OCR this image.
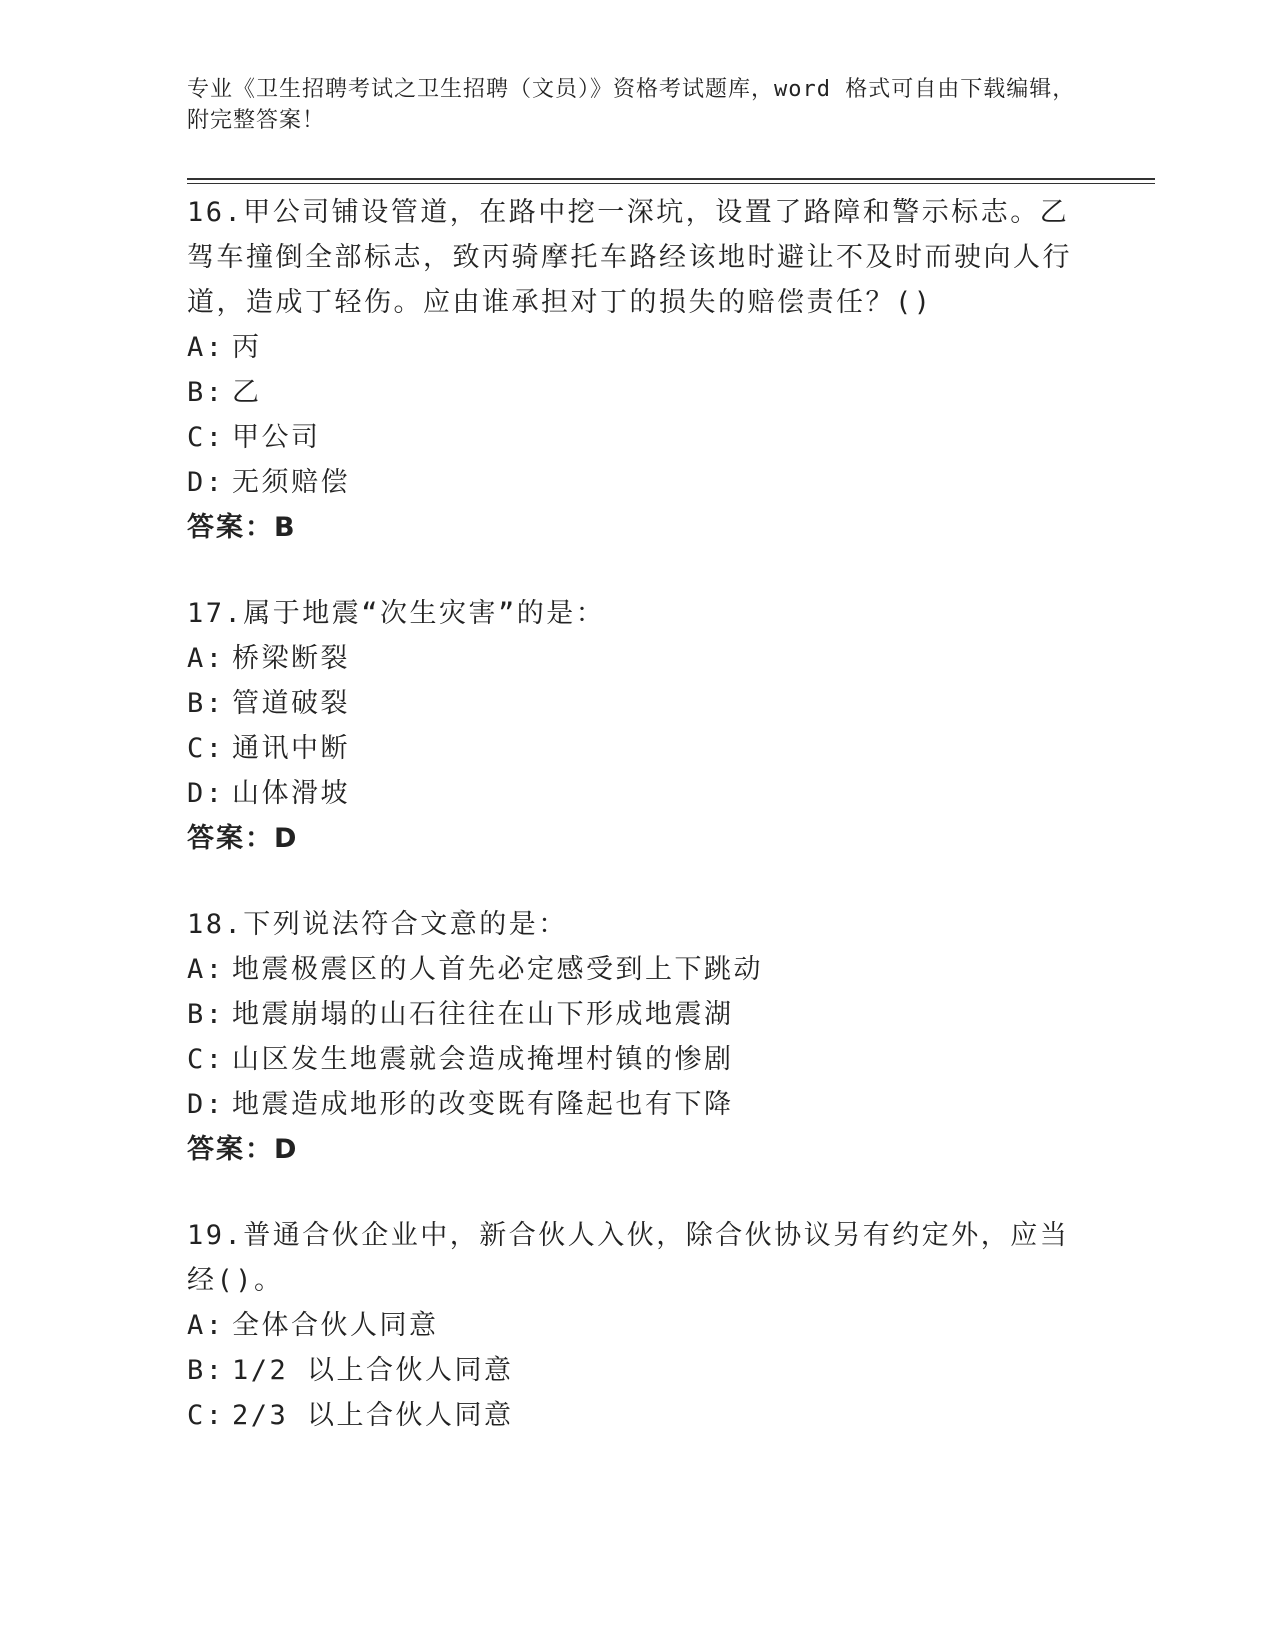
专业《卫生招聘考试之卫生招聘（文员）》资格考试题库，word 格式可自由下载编辑，附完整答案！
16.甲公司铺设管道，在路中挖一深坑，设置了路障和警示标志。乙驾车撞倒全部标志，致丙骑摩托车路经该地时避让不及时而驶向人行道，造成丁轻伤。应由谁承担对丁的损失的赔偿责任？()
A: 丙
B: 乙
C: 甲公司
D: 无须赔偿
答案：B
17.属于地震“次生灾害”的是：
A: 桥梁断裂
B: 管道破裂
C: 通讯中断
D: 山体滑坡
答案：D
18.下列说法符合文意的是：
A: 地震极震区的人首先必定感受到上下跳动
B: 地震崩塌的山石往往在山下形成地震湖
C: 山区发生地震就会造成掩埋村镇的惨剧
D: 地震造成地形的改变既有隆起也有下降
答案：D
19.普通合伙企业中，新合伙人入伙，除合伙协议另有约定外，应当经()。
A: 全体合伙人同意
B: 1/2 以上合伙人同意
C: 2/3 以上合伙人同意
